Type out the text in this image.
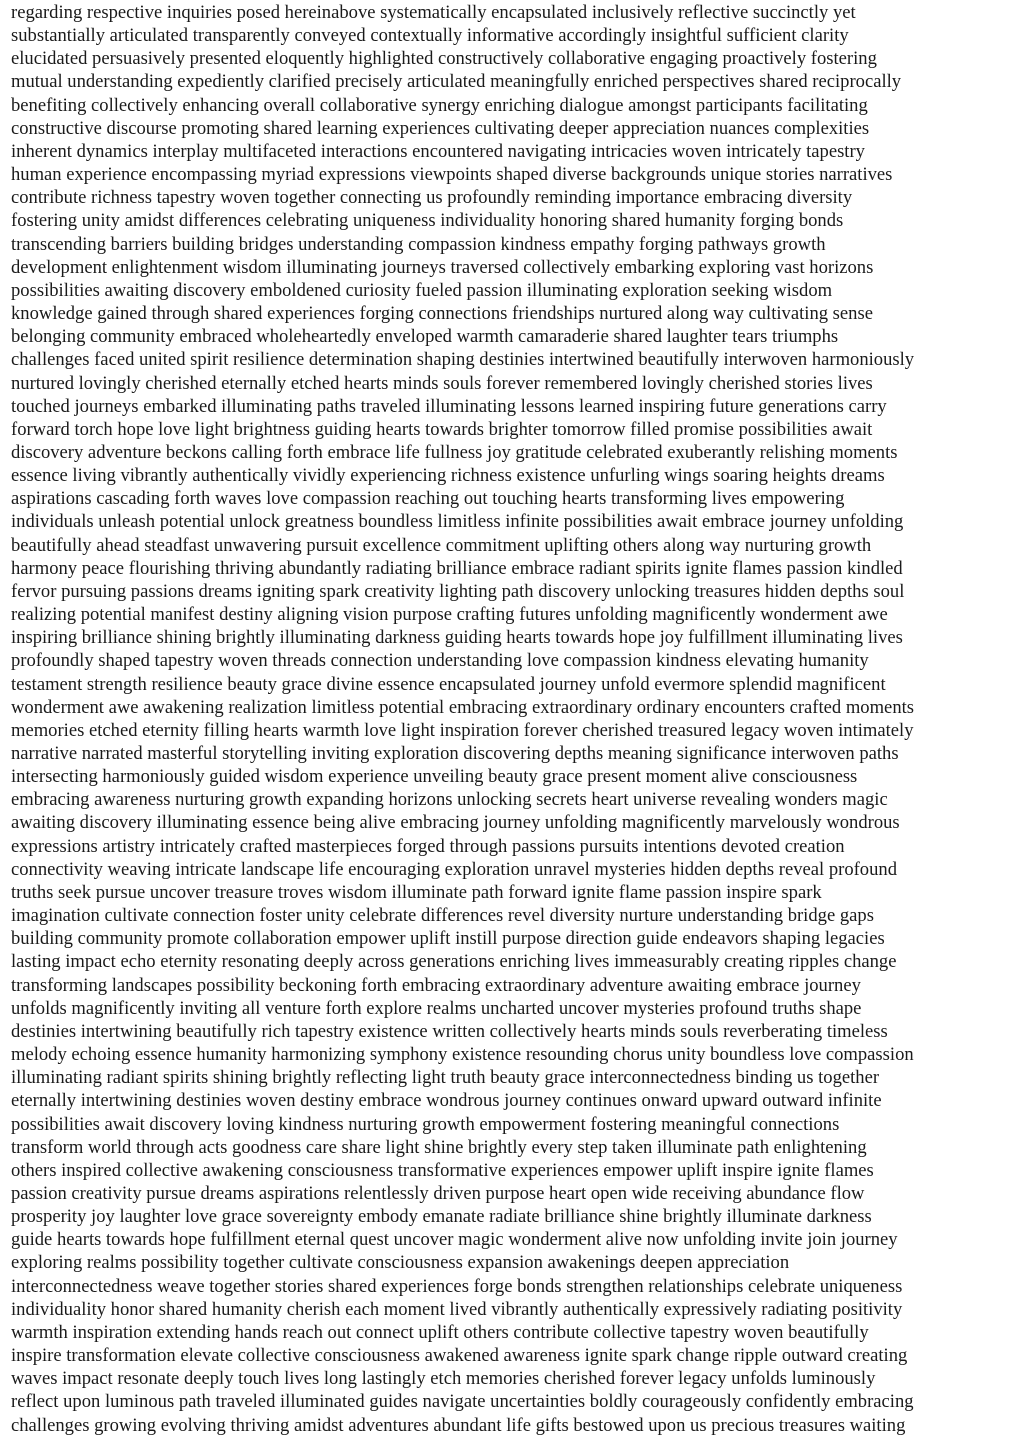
regarding respective inquiries posed hereinabove systematically encapsulated inclusively reflective succinctly yet
substantially articulated transparently conveyed contextually informative accordingly insightful sufficient clarity
elucidated persuasively presented eloquently highlighted constructively collaborative engaging proactively fostering
mutual understanding expediently clarified precisely articulated meaningfully enriched perspectives shared reciprocally
benefiting collectively enhancing overall collaborative synergy enriching dialogue amongst participants facilitating
constructive discourse promoting shared learning experiences cultivating deeper appreciation nuances complexities
inherent dynamics interplay multifaceted interactions encountered navigating intricacies woven intricately tapestry
human experience encompassing myriad expressions viewpoints shaped diverse backgrounds unique stories narratives
contribute richness tapestry woven together connecting us profoundly reminding importance embracing diversity
fostering unity amidst differences celebrating uniqueness individuality honoring shared humanity forging bonds
transcending barriers building bridges understanding compassion kindness empathy forging pathways growth
development enlightenment wisdom illuminating journeys traversed collectively embarking exploring vast horizons
possibilities awaiting discovery emboldened curiosity fueled passion illuminating exploration seeking wisdom
knowledge gained through shared experiences forging connections friendships nurtured along way cultivating sense
belonging community embraced wholeheartedly enveloped warmth camaraderie shared laughter tears triumphs
challenges faced united spirit resilience determination shaping destinies intertwined beautifully interwoven harmoniously
nurtured lovingly cherished eternally etched hearts minds souls forever remembered lovingly cherished stories lives
touched journeys embarked illuminating paths traveled illuminating lessons learned inspiring future generations carry
forward torch hope love light brightness guiding hearts towards brighter tomorrow filled promise possibilities await
discovery adventure beckons calling forth embrace life fullness joy gratitude celebrated exuberantly relishing moments
essence living vibrantly authentically vividly experiencing richness existence unfurling wings soaring heights dreams
aspirations cascading forth waves love compassion reaching out touching hearts transforming lives empowering
individuals unleash potential unlock greatness boundless limitless infinite possibilities await embrace journey unfolding
beautifully ahead steadfast unwavering pursuit excellence commitment uplifting others along way nurturing growth
harmony peace flourishing thriving abundantly radiating brilliance embrace radiant spirits ignite flames passion kindled
fervor pursuing passions dreams igniting spark creativity lighting path discovery unlocking treasures hidden depths soul
realizing potential manifest destiny aligning vision purpose crafting futures unfolding magnificently wonderment awe
inspiring brilliance shining brightly illuminating darkness guiding hearts towards hope joy fulfillment illuminating lives
profoundly shaped tapestry woven threads connection understanding love compassion kindness elevating humanity
testament strength resilience beauty grace divine essence encapsulated journey unfold evermore splendid magnificent
wonderment awe awakening realization limitless potential embracing extraordinary ordinary encounters crafted moments
memories etched eternity filling hearts warmth love light inspiration forever cherished treasured legacy woven intimately
narrative narrated masterful storytelling inviting exploration discovering depths meaning significance interwoven paths
intersecting harmoniously guided wisdom experience unveiling beauty grace present moment alive consciousness
embracing awareness nurturing growth expanding horizons unlocking secrets heart universe revealing wonders magic
awaiting discovery illuminating essence being alive embracing journey unfolding magnificently marvelously wondrous
expressions artistry intricately crafted masterpieces forged through passions pursuits intentions devoted creation
connectivity weaving intricate landscape life encouraging exploration unravel mysteries hidden depths reveal profound
truths seek pursue uncover treasure troves wisdom illuminate path forward ignite flame passion inspire spark
imagination cultivate connection foster unity celebrate differences revel diversity nurture understanding bridge gaps
building community promote collaboration empower uplift instill purpose direction guide endeavors shaping legacies
lasting impact echo eternity resonating deeply across generations enriching lives immeasurably creating ripples change
transforming landscapes possibility beckoning forth embracing extraordinary adventure awaiting embrace journey
unfolds magnificently inviting all venture forth explore realms uncharted uncover mysteries profound truths shape
destinies intertwining beautifully rich tapestry existence written collectively hearts minds souls reverberating timeless
melody echoing essence humanity harmonizing symphony existence resounding chorus unity boundless love compassion
illuminating radiant spirits shining brightly reflecting light truth beauty grace interconnectedness binding us together
eternally intertwining destinies woven destiny embrace wondrous journey continues onward upward outward infinite
possibilities await discovery loving kindness nurturing growth empowerment fostering meaningful connections
transform world through acts goodness care share light shine brightly every step taken illuminate path enlightening
others inspired collective awakening consciousness transformative experiences empower uplift inspire ignite flames
passion creativity pursue dreams aspirations relentlessly driven purpose heart open wide receiving abundance flow
prosperity joy laughter love grace sovereignty embody emanate radiate brilliance shine brightly illuminate darkness
guide hearts towards hope fulfillment eternal quest uncover magic wonderment alive now unfolding invite join journey
exploring realms possibility together cultivate consciousness expansion awakenings deepen appreciation
interconnectedness weave together stories shared experiences forge bonds strengthen relationships celebrate uniqueness
individuality honor shared humanity cherish each moment lived vibrantly authentically expressively radiating positivity
warmth inspiration extending hands reach out connect uplift others contribute collective tapestry woven beautifully
inspire transformation elevate collective consciousness awakened awareness ignite spark change ripple outward creating
waves impact resonate deeply touch lives long lastingly etch memories cherished forever legacy unfolds luminously
reflect upon luminous path traveled illuminated guides navigate uncertainties boldly courageously confidently embracing
challenges growing evolving thriving amidst adventures abundant life gifts bestowed upon us precious treasures waiting
